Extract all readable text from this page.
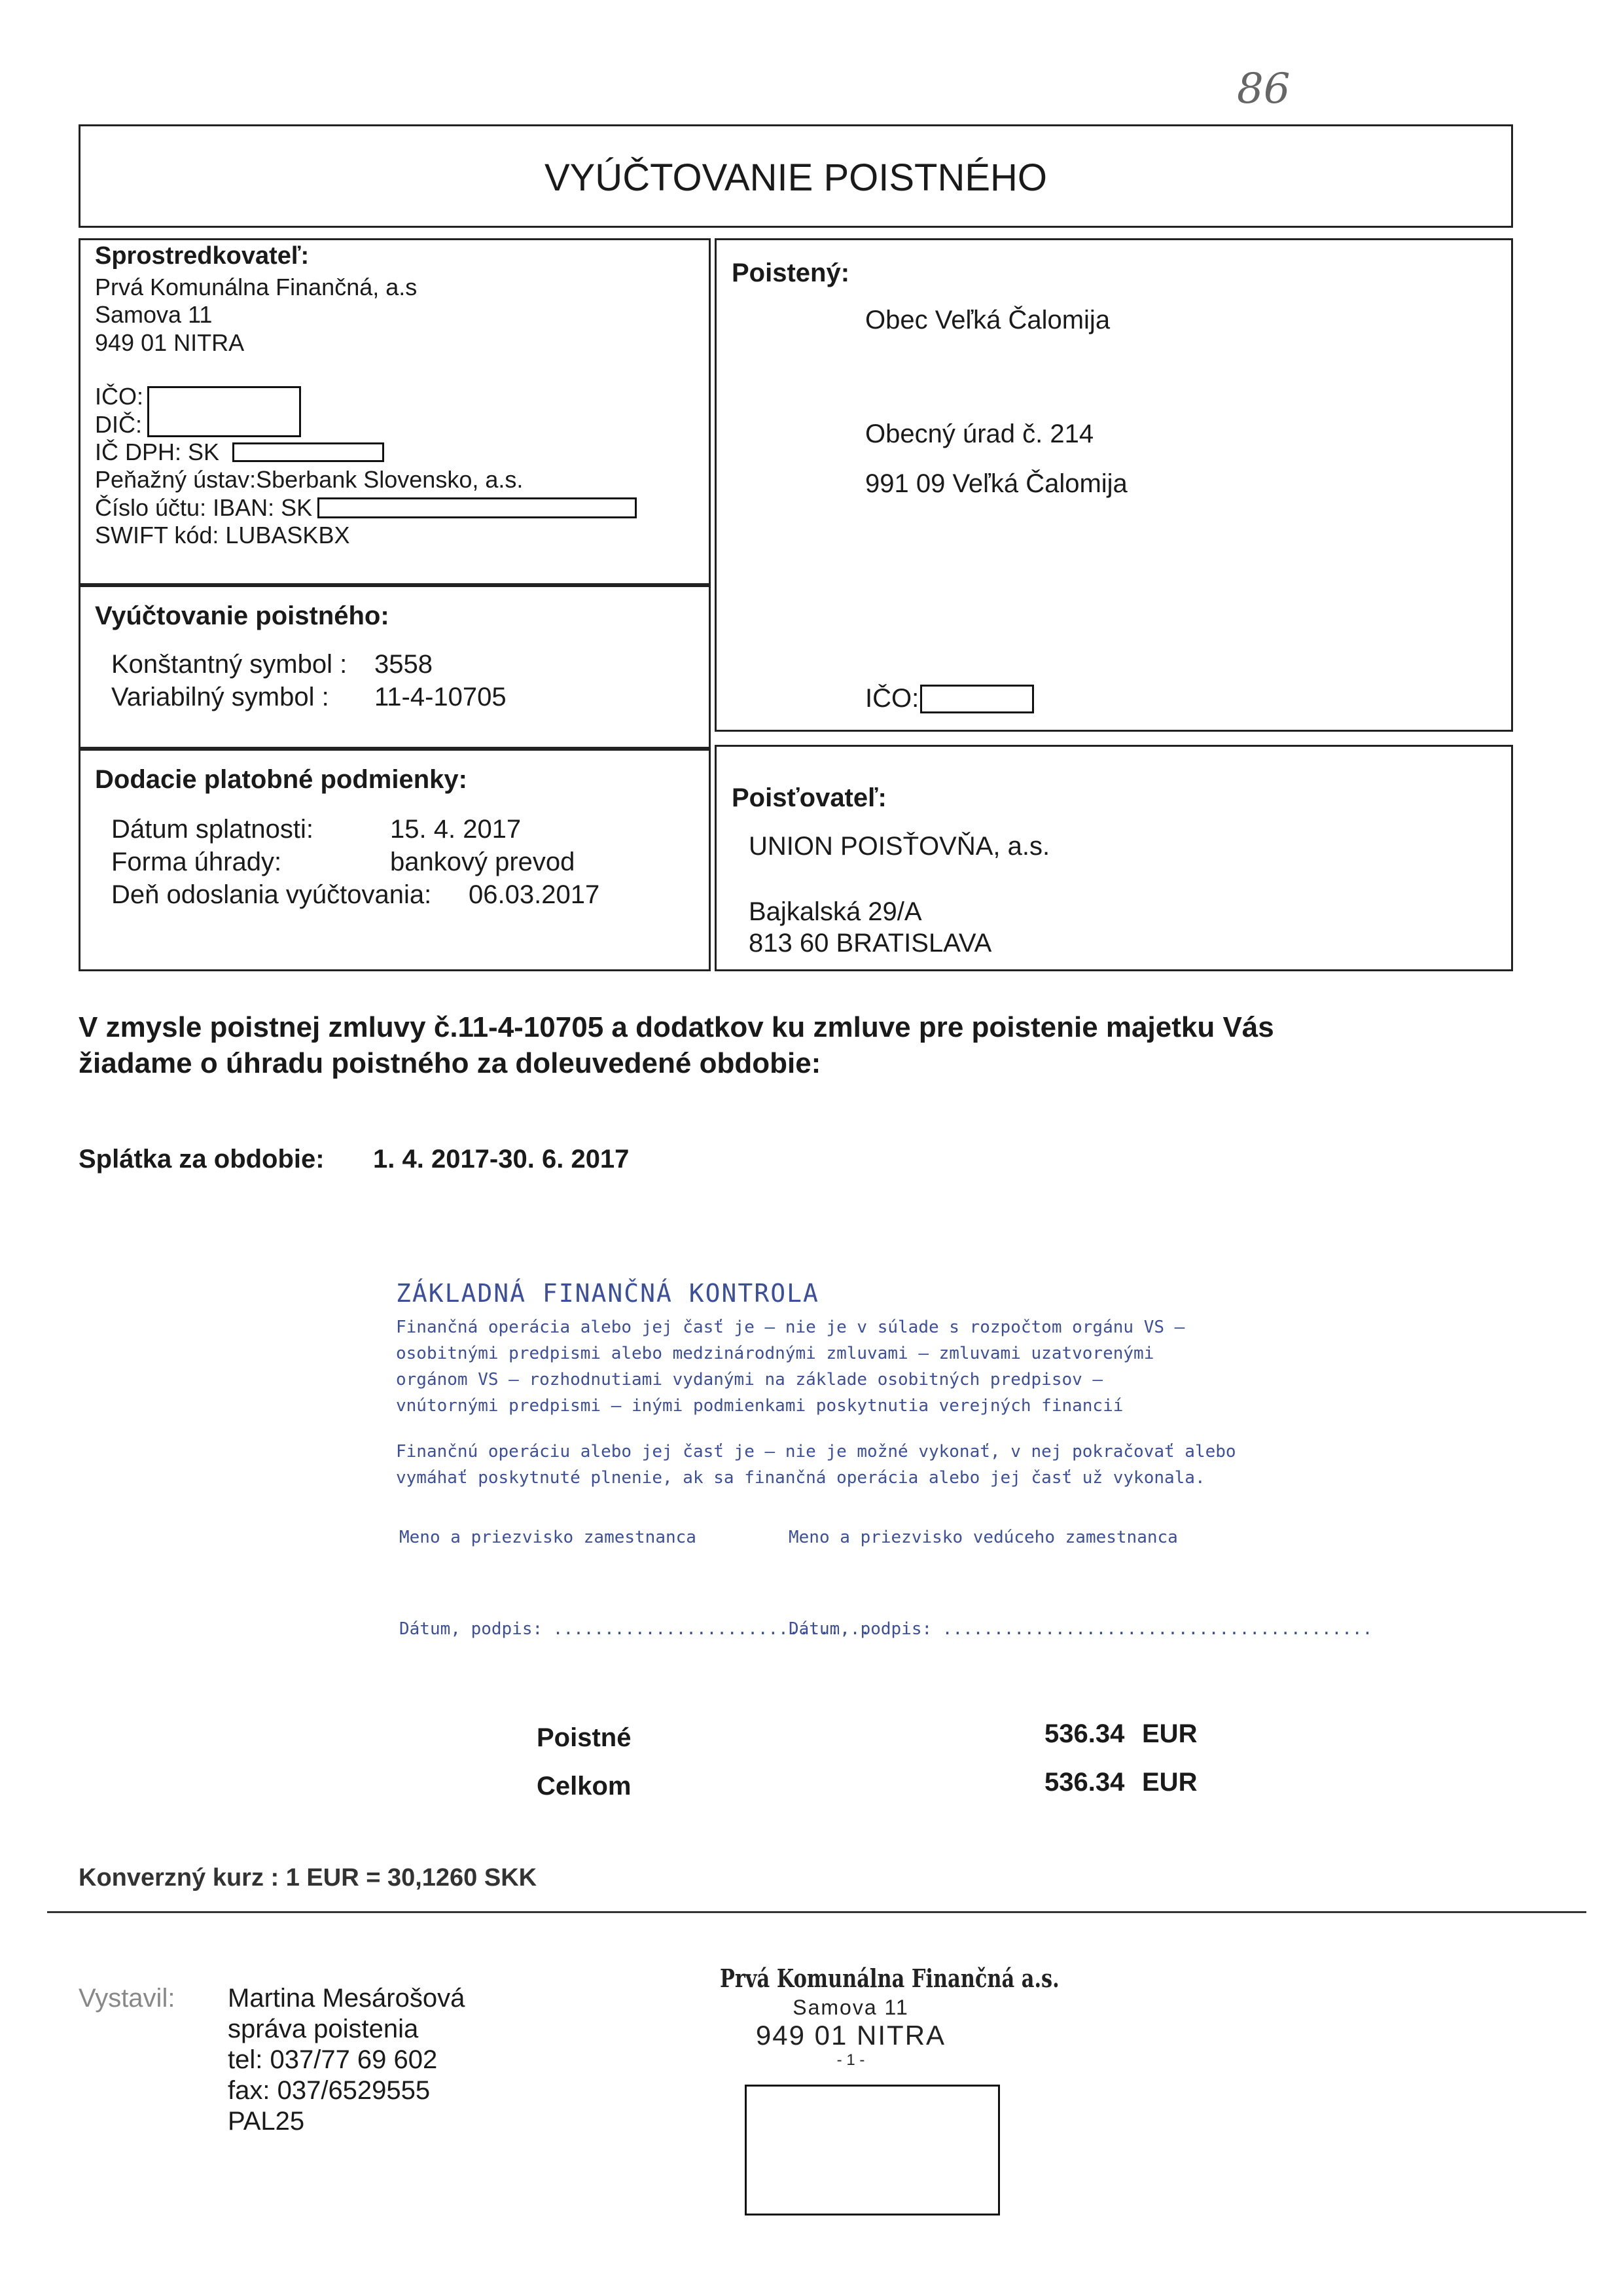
86
VYÚČTOVANIE POISTNÉHO
Sprostredkovateľ:
Prvá Komunálna Finančná, a.s
Samova 11
949 01 NITRA
IČO:
DIČ:
IČ DPH: SK
Peňažný ústav:Sberbank Slovensko, a.s.
Číslo účtu: IBAN: SK
SWIFT kód: LUBASKBX
Poistený:
Obec Veľká Čalomija
Obecný úrad č. 214
991 09 Veľká Čalomija
IČO:
Vyúčtovanie poistného:
Konštantný symbol : 3558
Variabilný symbol : 11-4-10705
Dodacie platobné podmienky:
Dátum splatnosti:	15. 4. 2017
Forma úhrady:	bankový prevod
Deň odoslania vyúčtovania: 06.03.2017
Poisťovateľ:
UNION POISŤOVŇA, a.s.
Bajkalská 29/A
813 60 BRATISLAVA
V zmysle poistnej zmluvy č.11-4-10705 a dodatkov ku zmluve pre poistenie majetku Vás
žiadame o úhradu poistného za doleuvedené obdobie:
Splátka za obdobie: 1. 4. 2017-30. 6. 2017
ZÁKLADNÁ FINANČNÁ KONTROLA
Finančná operácia alebo jej časť je – nie je v súlade s rozpočtom orgánu VS –
osobitnými predpismi alebo medzinárodnými zmluvami – zmluvami uzatvorenými
orgánom VS – rozhodnutiami vydanými na základe osobitných predpisov –
vnútornými predpismi – inými podmienkami poskytnutia verejných financií
Finančnú operáciu alebo jej časť je – nie je možné vykonať, v nej pokračovať alebo
vymáhať poskytnuté plnenie, ak sa finančná operácia alebo jej časť už vykonala.
Meno a priezvisko zamestnanca	Meno a priezvisko vedúceho zamestnanca
Dátum, podpis: ...............................
Dátum, podpis: ..........................................
Poistné	536.34 EUR
Celkom	536.34 EUR
Konverzný kurz : 1 EUR = 30,1260 SKK
Vystavil: Martina Mesárošová
správa poistenia
tel: 037/77 69 602
fax: 037/6529555
PAL25
Prvá Komunálna Finančná a.s.
Samova 11
949 01 NITRA
- 1 -
